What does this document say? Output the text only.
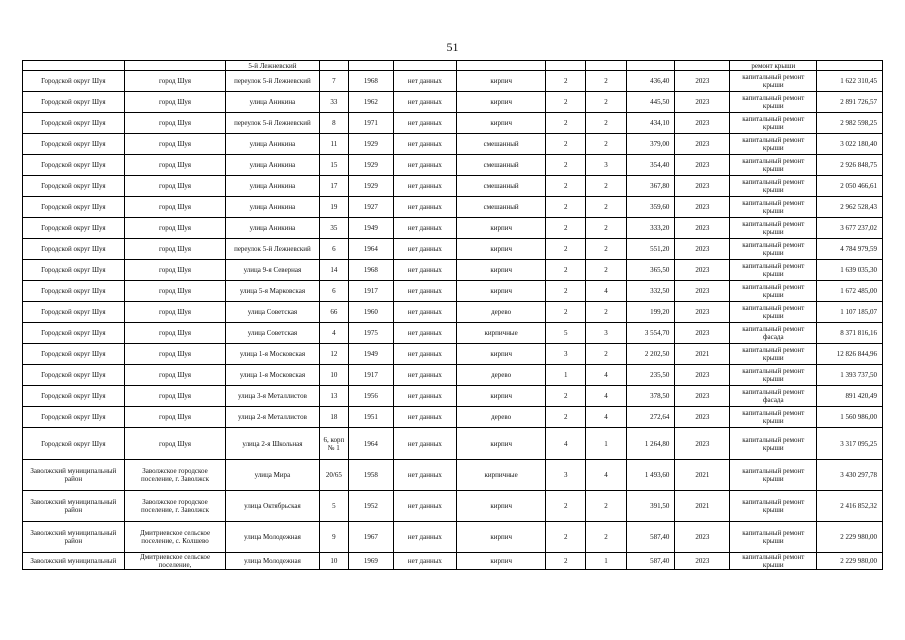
51
		5-й Лежневский									ремонт крыши	
Городской округ Шуя	город Шуя	переулок 5-й Лежневский	7	1968	нет данных	кирпич	2	2	436,40	2023	капитальный ремонт крыши	1 622 310,45
Городской округ Шуя	город Шуя	улица Аникина	33	1962	нет данных	кирпич	2	2	445,50	2023	капитальный ремонт крыши	2 891 726,57
Городской округ Шуя	город Шуя	переулок 5-й Лежневский	8	1971	нет данных	кирпич	2	2	434,10	2023	капитальный ремонт крыши	2 982 598,25
Городской округ Шуя	город Шуя	улица Аникина	11	1929	нет данных	смешанный	2	2	379,00	2023	капитальный ремонт крыши	3 022 180,40
Городской округ Шуя	город Шуя	улица Аникина	15	1929	нет данных	смешанный	2	3	354,40	2023	капитальный ремонт крыши	2 926 848,75
Городской округ Шуя	город Шуя	улица Аникина	17	1929	нет данных	смешанный	2	2	367,80	2023	капитальный ремонт крыши	2 050 466,61
Городской округ Шуя	город Шуя	улица Аникина	19	1927	нет данных	смешанный	2	2	359,60	2023	капитальный ремонт крыши	2 962 528,43
Городской округ Шуя	город Шуя	улица Аникина	35	1949	нет данных	кирпич	2	2	333,20	2023	капитальный ремонт крыши	3 677 237,02
Городской округ Шуя	город Шуя	переулок 5-й Лежневский	6	1964	нет данных	кирпич	2	2	551,20	2023	капитальный ремонт крыши	4 784 979,59
Городской округ Шуя	город Шуя	улица 9-я Северная	14	1968	нет данных	кирпич	2	2	365,50	2023	капитальный ремонт крыши	1 639 035,30
Городской округ Шуя	город Шуя	улица 5-я Марковская	6	1917	нет данных	кирпич	2	4	332,50	2023	капитальный ремонт крыши	1 672 485,00
Городской округ Шуя	город Шуя	улица Советская	66	1960	нет данных	дерево	2	2	199,20	2023	капитальный ремонт крыши	1 107 185,07
Городской округ Шуя	город Шуя	улица Советская	4	1975	нет данных	кирпичные	5	3	3 554,70	2023	капитальный ремонт фасада	8 371 816,16
Городской округ Шуя	город Шуя	улица 1-я Московская	12	1949	нет данных	кирпич	3	2	2 202,50	2021	капитальный ремонт крыши	12 826 844,96
Городской округ Шуя	город Шуя	улица 1-я Московская	10	1917	нет данных	дерево	1	4	235,50	2023	капитальный ремонт крыши	1 393 737,50
Городской округ Шуя	город Шуя	улица 3-я Металлистов	13	1956	нет данных	кирпич	2	4	378,50	2023	капитальный ремонт фасада	891 420,49
Городской округ Шуя	город Шуя	улица 2-я Металлистов	18	1951	нет данных	дерево	2	4	272,64	2023	капитальный ремонт крыши	1 560 986,00
Городской округ Шуя	город Шуя	улица 2-я Школьная	6, корп № 1	1964	нет данных	кирпич	4	1	1 264,80	2023	капитальный ремонт крыши	3 317 095,25
Заволжский муниципальный район	Заволжское городское поселение, г. Заволжск	улица Мира	20/65	1958	нет данных	кирпичные	3	4	1 493,60	2021	капитальный ремонт крыши	3 430 297,78
Заволжский муниципальный район	Заволжское городское поселение, г. Заволжск	улица Октябрьская	5	1952	нет данных	кирпич	2	2	391,50	2021	капитальный ремонт крыши	2 416 852,32
Заволжский муниципальный район	Дмитриевское сельское поселение, с. Колшево	улица Молодежная	9	1967	нет данных	кирпич	2	2	587,40	2023	капитальный ремонт крыши	2 229 980,00
Заволжский муниципальный	Дмитриевское сельское поселение,	улица Молодежная	10	1969	нет данных	кирпич	2	1	587,40	2023	капитальный ремонт крыши	2 229 980,00
